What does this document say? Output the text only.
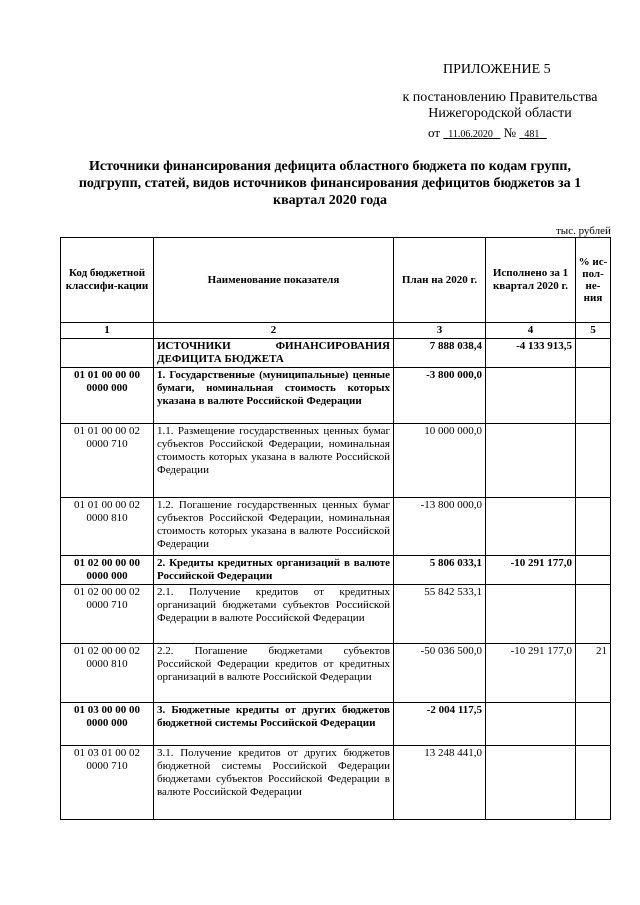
ПРИЛОЖЕНИЕ 5
к постановлению Правительства
Нижегородской области
от 11.06.2020 № 481
Источники финансирования дефицита областного бюджета по кодам групп, подгрупп, статей, видов источников финансирования дефицитов бюджетов за 1 квартал 2020 года
тыс. рублей
Код бюджетной классифи-кации	Наименование показателя	План на 2020 г.	Исполнено за 1 квартал 2020 г.	% ис-пол-не-ния
1	2	3	4	5
	ИСТОЧНИКИ ФИНАНСИРОВАНИЯ ДЕФИЦИТА БЮДЖЕТА	7 888 038,4	-4 133 913,5	
01 01 00 00 00 0000 000	1. Государственные (муниципальные) ценные бумаги, номинальная стоимость которых указана в валюте Российской Федерации	-3 800 000,0		
01 01 00 00 02 0000 710	1.1. Размещение государственных ценных бумаг субъектов Российской Федерации, номинальная стоимость которых указана в валюте Российской Федерации	10 000 000,0		
01 01 00 00 02 0000 810	1.2. Погашение государственных ценных бумаг субъектов Российской Федерации, номинальная стоимость которых указана в валюте Российской Федерации	-13 800 000,0		
01 02 00 00 00 0000 000	2. Кредиты кредитных организаций в валюте Российской Федерации	5 806 033,1	-10 291 177,0	
01 02 00 00 02 0000 710	2.1. Получение кредитов от кредитных организаций бюджетами субъектов Российской Федерации в валюте Российской Федерации	55 842 533,1		
01 02 00 00 02 0000 810	2.2. Погашение бюджетами субъектов Российской Федерации кредитов от кредитных организаций в валюте Российской Федерации	-50 036 500,0	-10 291 177,0	21
01 03 00 00 00 0000 000	3. Бюджетные кредиты от других бюджетов бюджетной системы Российской Федерации	-2 004 117,5		
01 03 01 00 02 0000 710	3.1. Получение кредитов от других бюджетов бюджетной системы Российской Федерации бюджетами субъектов Российской Федерации в валюте Российской Федерации	13 248 441,0		
